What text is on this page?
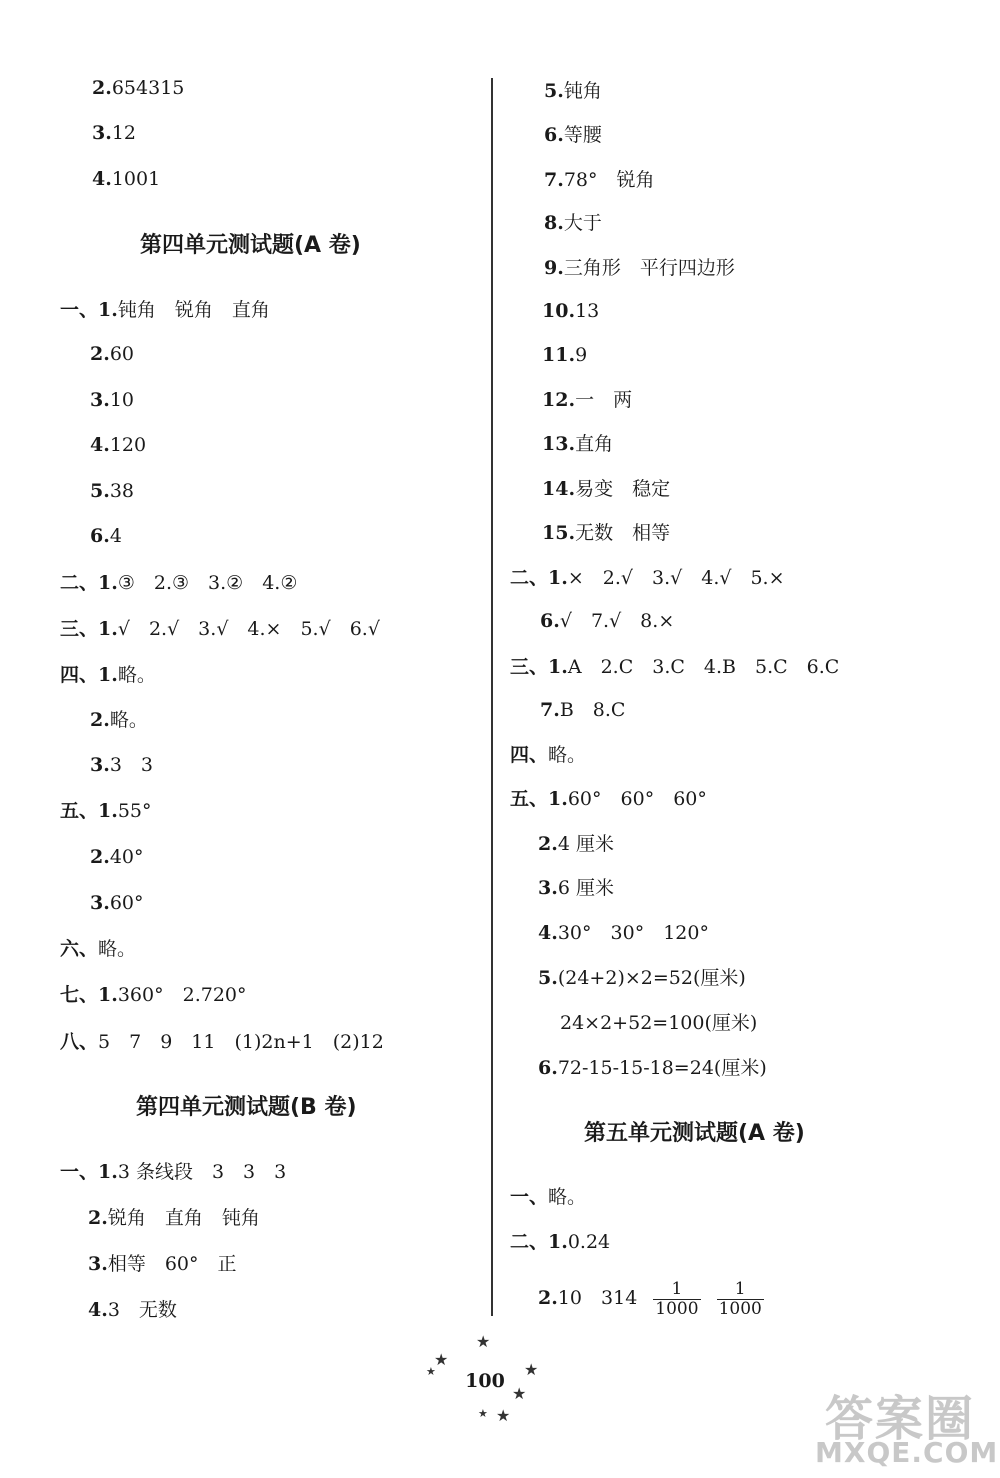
2.654315
3.12
4.1001
第四单元测试题(A 卷)
一、1.钝角　锐角　直角
2.60
3.10
4.120
5.38
6.4
二、1.③　2.③　3.②　4.②
三、1.√　2.√　3.√　4.×　5.√　6.√
四、1.略。
2.略。
3.3　3
五、1.55°
2.40°
3.60°
六、略。
七、1.360°　2.720°
八、5　7　9　11　(1)2n+1　(2)12
第四单元测试题(B 卷)
一、1.3 条线段　3　3　3
2.锐角　直角　钝角
3.相等　60°　正
4.3　无数
5.钝角
6.等腰
7.78°　锐角
8.大于
9.三角形　平行四边形
10.13
11.9
12.一　两
13.直角
14.易变　稳定
15.无数　相等
二、1.×　2.√　3.√　4.√　5.×
6.√　7.√　8.×
三、1.A　2.C　3.C　4.B　5.C　6.C
7.B　8.C
四、略。
五、1.60°　60°　60°
2.4 厘米
3.6 厘米
4.30°　30°　120°
5.(24+2)×2=52(厘米)
24×2+52=100(厘米)
6.72-15-15-18=24(厘米)
第五单元测试题(A 卷)
一、略。
二、1.0.24
2.10　$314 \frac{1}{1000} \frac{1}{1000}$
★
★
★	★
★
★ ★
100
答案圈
MXQE.COM
